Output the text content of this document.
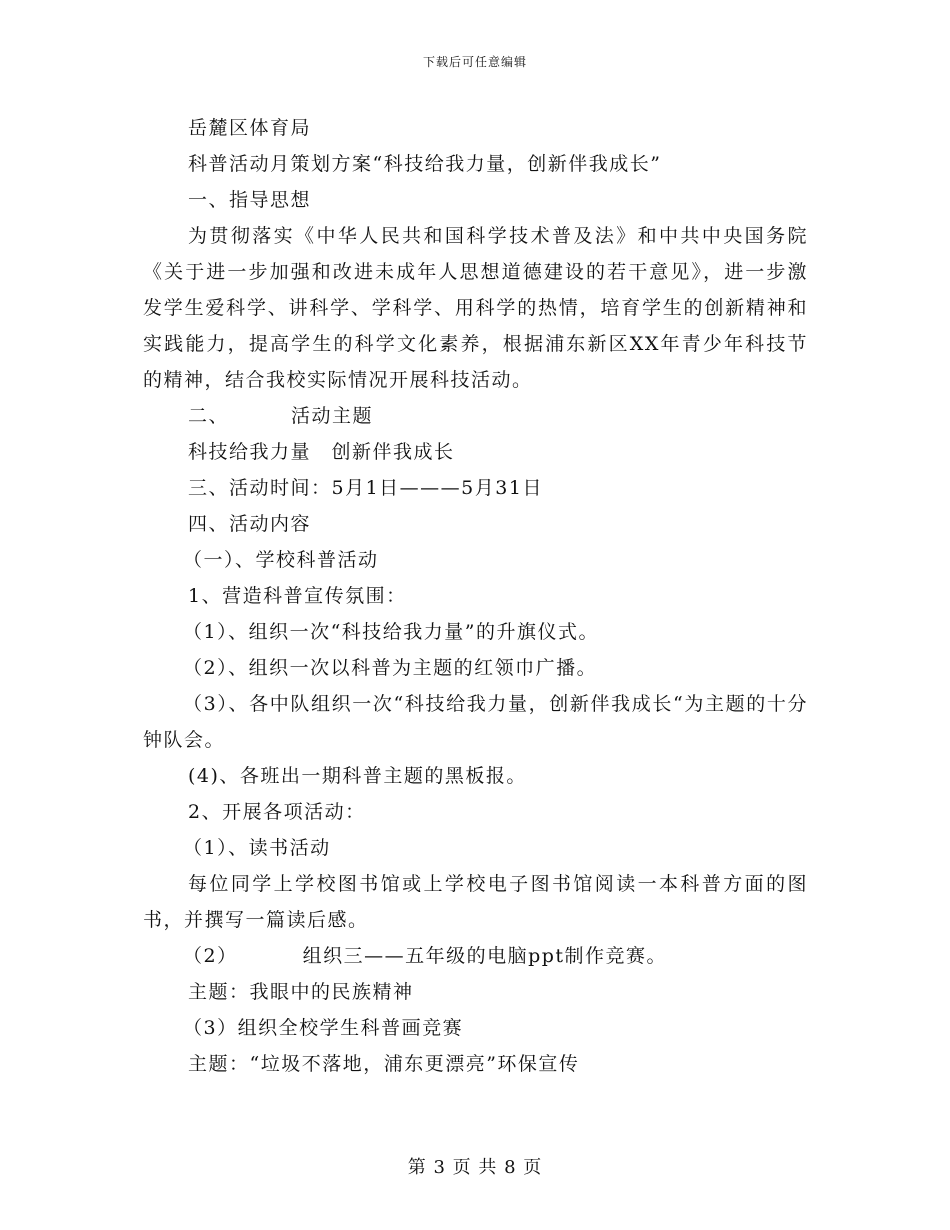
下载后可任意编辑

岳麓区体育局

科普活动月策划方案“科技给我力量，创新伴我成长”

一、指导思想

为贯彻落实《中华人民共和国科学技术普及法》和中共中央国务院《关于进一步加强和改进未成年人思想道德建设的若干意见》，进一步激发学生爱科学、讲科学、学科学、用科学的热情，培育学生的创新精神和实践能力，提高学生的科学文化素养，根据浦东新区XX年青少年科技节的精神，结合我校实际情况开展科技活动。

二、	活动主题

科技给我力量　创新伴我成长

三、活动时间：5月1日———5月31日

四、活动内容

（一）、学校科普活动

1、营造科普宣传氛围：

（1）、组织一次“科技给我力量”的升旗仪式。

（2）、组织一次以科普为主题的红领巾广播。

（3）、各中队组织一次“科技给我力量，创新伴我成长“为主题的十分钟队会。

(4)、各班出一期科普主题的黑板报。

2、开展各项活动：

（1）、读书活动

每位同学上学校图书馆或上学校电子图书馆阅读一本科普方面的图书，并撰写一篇读后感。

（2）	组织三——五年级的电脑ppt制作竞赛。

主题：我眼中的民族精神

（3）组织全校学生科普画竞赛

主题：“垃圾不落地，浦东更漂亮”环保宣传

第 3 页 共 8 页
